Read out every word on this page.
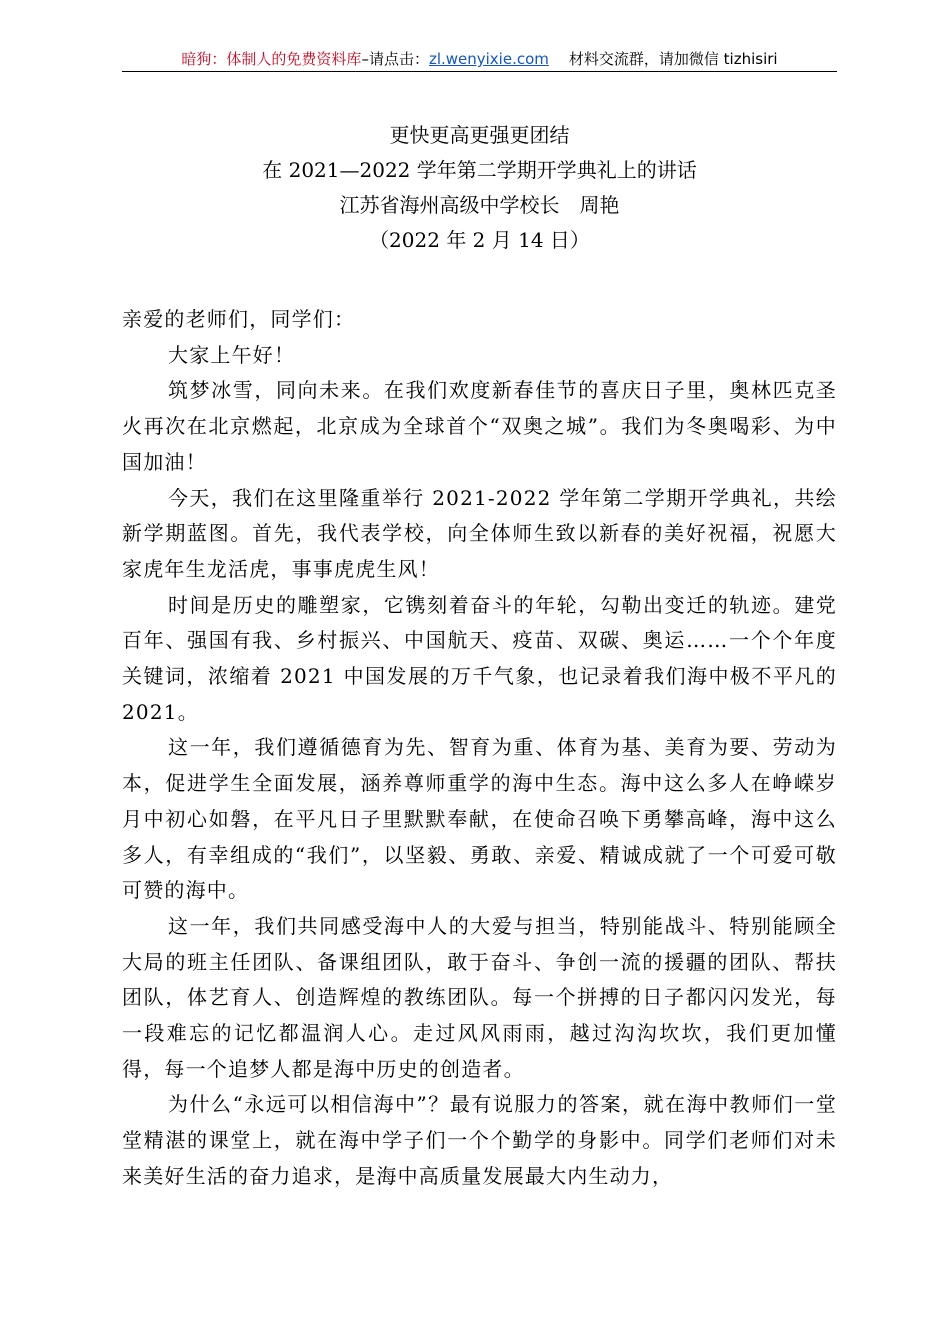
暗狗：体制人的免费资料库–请点击：zl.wenyixie.com 材料交流群，请加微信 tizhisiri
更快更高更强更团结
在 2021—2022 学年第二学期开学典礼上的讲话
江苏省海州高级中学校长　周艳
（2022 年 2 月 14 日）

亲爱的老师们，同学们：

大家上午好！

筑梦冰雪，同向未来。在我们欢度新春佳节的喜庆日子里，奥林匹克圣火再次在北京燃起，北京成为全球首个“双奥之城”。我们为冬奥喝彩、为中国加油！

今天，我们在这里隆重举行 2021-2022 学年第二学期开学典礼，共绘新学期蓝图。首先，我代表学校，向全体师生致以新春的美好祝福，祝愿大家虎年生龙活虎，事事虎虎生风！

时间是历史的雕塑家，它镌刻着奋斗的年轮，勾勒出变迁的轨迹。建党百年、强国有我、乡村振兴、中国航天、疫苗、双碳、奥运……一个个年度关键词，浓缩着 2021 中国发展的万千气象，也记录着我们海中极不平凡的 2021。

这一年，我们遵循德育为先、智育为重、体育为基、美育为要、劳动为本，促进学生全面发展，涵养尊师重学的海中生态。海中这么多人在峥嵘岁月中初心如磐，在平凡日子里默默奉献，在使命召唤下勇攀高峰，海中这么多人，有幸组成的“我们”，以坚毅、勇敢、亲爱、精诚成就了一个可爱可敬可赞的海中。

这一年，我们共同感受海中人的大爱与担当，特别能战斗、特别能顾全大局的班主任团队、备课组团队，敢于奋斗、争创一流的援疆的团队、帮扶团队，体艺育人、创造辉煌的教练团队。每一个拼搏的日子都闪闪发光，每一段难忘的记忆都温润人心。走过风风雨雨，越过沟沟坎坎，我们更加懂得，每一个追梦人都是海中历史的创造者。

为什么“永远可以相信海中”？最有说服力的答案，就在海中教师们一堂堂精湛的课堂上，就在海中学子们一个个勤学的身影中。同学们老师们对未来美好生活的奋力追求，是海中高质量发展最大内生动力，
